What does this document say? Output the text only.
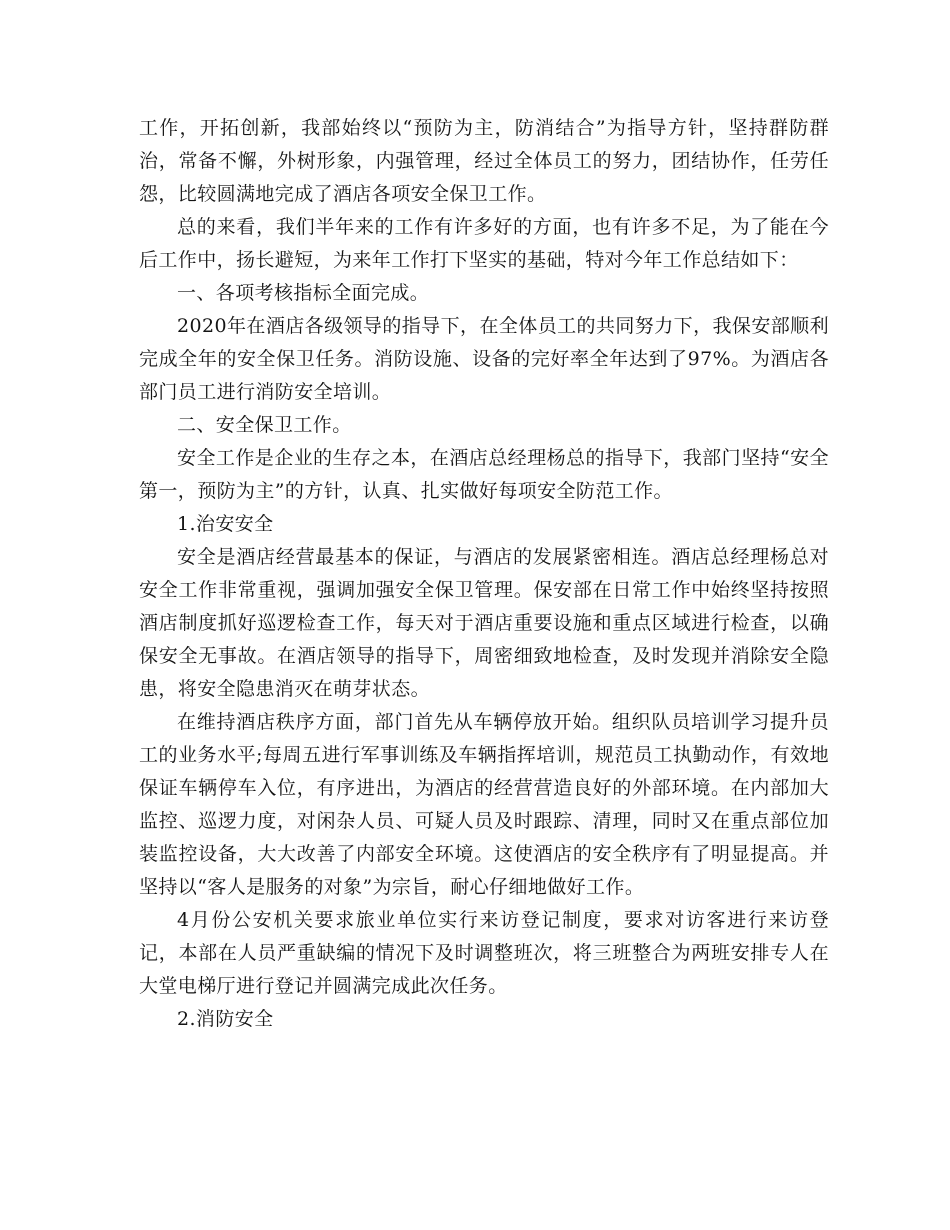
工作，开拓创新，我部始终以“预防为主，防消结合”为指导方针，坚持群防群治，常备不懈，外树形象，内强管理，经过全体员工的努力，团结协作，任劳任怨，比较圆满地完成了酒店各项安全保卫工作。

总的来看，我们半年来的工作有许多好的方面，也有许多不足，为了能在今后工作中，扬长避短，为来年工作打下坚实的基础，特对今年工作总结如下：

一、各项考核指标全面完成。

2020年在酒店各级领导的指导下，在全体员工的共同努力下，我保安部顺利完成全年的安全保卫任务。消防设施、设备的完好率全年达到了97%。为酒店各部门员工进行消防安全培训。

二、安全保卫工作。

安全工作是企业的生存之本，在酒店总经理杨总的指导下，我部门坚持“安全第一，预防为主”的方针，认真、扎实做好每项安全防范工作。

1.治安安全

安全是酒店经营最基本的保证，与酒店的发展紧密相连。酒店总经理杨总对安全工作非常重视，强调加强安全保卫管理。保安部在日常工作中始终坚持按照酒店制度抓好巡逻检查工作，每天对于酒店重要设施和重点区域进行检查，以确保安全无事故。在酒店领导的指导下，周密细致地检查，及时发现并消除安全隐患，将安全隐患消灭在萌芽状态。

在维持酒店秩序方面，部门首先从车辆停放开始。组织队员培训学习提升员工的业务水平;每周五进行军事训练及车辆指挥培训，规范员工执勤动作，有效地保证车辆停车入位，有序进出，为酒店的经营营造良好的外部环境。在内部加大监控、巡逻力度，对闲杂人员、可疑人员及时跟踪、清理，同时又在重点部位加装监控设备，大大改善了内部安全环境。这使酒店的安全秩序有了明显提高。并坚持以“客人是服务的对象”为宗旨，耐心仔细地做好工作。

4月份公安机关要求旅业单位实行来访登记制度，要求对访客进行来访登记，本部在人员严重缺编的情况下及时调整班次，将三班整合为两班安排专人在大堂电梯厅进行登记并圆满完成此次任务。

2.消防安全
